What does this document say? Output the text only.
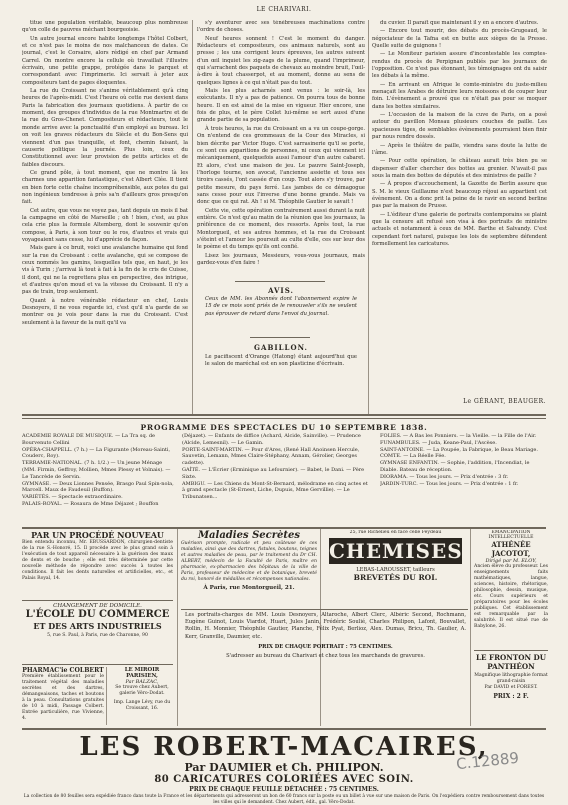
LE CHARIVARI.

titue une population véritable, beaucoup plus nombreuse qu'on colle de pauvres méchant bourgeoisie.

Un autre journal encore habite longtemps l'hôtel Colbert, et ce n'est pas le moins de nos malchanceux de dates. Ce journal, c'est le Corsaire, alors rédigé en chef par Armand Carrel. On montre encore la cellule où travaillait l'illustre écrivain, une petite grappe, protégée dans le parquet et correspondant avec l'imprimerie. Ici servait à jeter aux compositeurs tant de pages éloquentes.

La rue du Croissant ne s'anime véritablement qu'à cinq heures de l'après-midi. C'est l'heure où cette rue devient dans Paris la fabrication des journaux quotidiens. À partir de ce moment, des groupes d'individus de la rue Montmartre et de la rue du Gros-Chenet. Compositeurs et rédacteurs, tout le monde arrive avec la ponctualité d'un employé au bureau. Ici on voit les graves rédacteurs du Siècle et du Bon-Sens qui viennent d'un pas tranquille, et font, chemin faisant, la causerie politique la journée. Plus loin, ceux du Constitutionnel avec leur provision de petits articles et de faibles discours.

Ce grand pôle, à tout moment, que ne montre là les charmes une apparition fantastique, c'est Albert Clée. Il tient en bien forte cette chaîne incompréhensible, aux potes du gai non ingénieux tendresse à près sa'n d'ailleurs gros presqu'on fait.

Cet autre, que vous ne voyez pas, tant depuis un mois il bat la campagne en côté de Marseille ; oh ! bien, c'est, au plus cela crie plus la formule Altemberg, dont le souvenir qu'on compose, à Paris, à son tour ou le ros, d'autres et vrais qui voyageaient sans cesse, lui d'apprécie de façon.

Mais gare à ce bruit, voici une avalanche humaine qui fond sur la rue du Croissant : cette avalanche, qui se compose de ceux nommés les gamins, lesquelles tels que, en haut, je les vis à Turin ; j'arrivai là tout à fait à la fin de le cris de Cuisse, il dont, qui ne la regrettera plus en perspective, des intrigue, et d'autres qu'on moud et va la vitesse du Croissant. Il n'y a pas de train, trop seulement.

Quant à notre vénérable rédacteur en chef, Louis Desnoyers, il ne vous regarde ici, c'est qu'il n'a garde de se montrer ou je vois pour dans la rue du Croissant. C'est seulement à la faveur de la nuit qu'il va

s'y aventurer avec ses ténébreuses machinations contre l'ordre de choses.

Neuf heures sonnent ! C'est le moment du danger. Rédacteurs et compositeurs, ces animaux naturels, sont au presse ; les uns corrigent leurs épreuves, les autres suivent d'un œil inquiet les zig-zags de la plume, quand l'imprimeur, qui s'arrachent des paquets de chevaux au moindre bruit, l'œil-à-dire à tout chasserpot, et au moment, donne au sens de quelques lignes à ce qui n'était pas du tout.

Mais les plus acharnés sont venus : le soir-là, les exécutants. Il n'y a pas de patience. On pourra tous de bonne heure. Il en est ainsi de la mise en vigueur. Hier encore, une fois de plus, et le père Collet lui-même se sert aussi d'une grande partie de sa population.

À trois heures, la rue du Croissant en a vu un coupe-gorge. On n'entend de ces grommeaux de la Cour des Miracles, si bien décrite par Victor Hugo. C'est sarrasinerie qu'il se porte, ce sont ces apparitions de personnes, ni ceux qui viennent ici mécaniquement, quelquefois aussi l'amour d'un autre cabaret. Et alors, c'est une maison de jeu. Le pauvre Saint-Joseph, l'horloge tourne, son avocat, l'ancienne assiette et tous ses tiroirs cassés, l'ont cassée d'un coup. Tout alors s'y trouve, par petite mesure, du pays ferré. Les jambes de ce démagogue sans cesse pour eux l'inverse d'une bonne grande. Mais va donc que ce qui rat. Ah ! si M. Théophile Gautier le savait !

Cette vie, cette opération contrairement aussi durant la nuit entière. Ce n'est qu'au matin de la réunion que les journaux, la préférence de ce moment, des ressorts. Après tout, la rue Montorgueil, et ses autres hommes, et la rue du Croissant s'éteint et l'amour les poursuit au culte d'elle, ces sur leur dos le poème et du temps qu'ils ont confié.

Lisez les journaux, Messieurs, vous-vous journaux, mais gardez-vous d'en faire !

AVIS.
Ceux de MM. les Abonnés dont l'abonnement expire le 15 de ce mois sont priés de le renouveler s'ils ne veulent pas éprouver de retard dans l'envoi du journal.
GABILLON.
Le pacifiscent d'Orange (Hatong) étant aujourd'hui que le salon de maréchal est en son plasticine d'écrivain.

du cuvier. Il paraît que maintenant il y en a encore d'autres.

— Encore tout mourir, des débats du procès-Grugeaud, le négociateur de la Tafna est en butte aux sièges de la Presse. Quelle suite de guignons !

— Le Moniteur parisien assure d'incontestable les comptes-rendus du procès de Perpignan publiés par les journaux de l'opposition. Ce n'est pas étonnant, les témoignages ont du saisir les débats à la même.

— En arrivant en Afrique le comte-ministre du juste-milieu menaçait les Arabes de détruire leurs moissons et de couper leur foin. L'évènement a prouvé que ce n'était pas pour se moquer dans les bottes similaires.

— L'occasion de la maison de la cuve de Paris, on a posé autour du pavillon Monsau plusieurs couches de paille. Les spacieuses tiges, de semblables évènements pourraient bien finir par nous rendre dossés.

— Après le théâtre de paille, viendra sans doute la lutte de l'âme.

— Pour cette opération, le château aurait très bien pu se dispenser d'aller chercher des bottes au grenier. N'avait-il pas sous la main des bottes de députés et des ministres de paille ?

— À propos d'accouchement, la Gazette de Berlin assure que S. M. le vieux Guillaume n'est beaucoup réjoui au appartient cet évènement. On a donc prit la peine de le ravir en second berline pas par la maison de Prusse.

— L'éditeur d'une galerie de portraits contemporains se plaint que la censure ait refusé son visa à des portraits de ministre actuels et notamment à ceux de MM. Barthe et Salvandy. C'est cependant fort naturel, puisque les lois de septembre défendent formellement les caricatures.

Le GÉRANT, BEAUGER.
PROGRAMME DES SPECTACLES DU 10 SEPTEMBRE 1838.
ACADÉMIE ROYALE DE MUSIQUE. — La Tra sq. de Bourvenuto Cellini
OPÉRA-CHAPPELL. (7 h.) — La Figurante (Moreau-Sainti, Couderc, Roy).
TERRAMIE-NATIONAL. (7 h. 1/2.) — Un jeune Ménage (MM. Firmin, Geffroy, Mollien, Mmes Plessy et Volnais). — Le Tancrède de Servin.
GYMNASE. — Deux Lionnes Pensée, Brasgo Paul Spin-nola, Marcell. Maux de Faudeuil (Buffon).
VARIÉTÉS. — Spectacle extraordinaire.
PALAIS-ROYAL. — Rosaura de Mme Déjazet ; Bouffon
(Déjazet). — Enfants de diffice (Achard, Alcide, Sainville). — Prudence (Alcide, Lemesnil). — Le Gamin.
PORTE-SAINT-MARTIN. — Pour d'Ares, (René Hall Anoinsen Hercule, Sauvetin, Lemann, Mmes Claire-Stéphany, Annam, Gérolier, Georges cadette).
GAÎTÉ. — L'Écrier (Erminique au Lefournier). — Babet, le Dani. — Père Sixte.
AMBIGU. — Les Chiens du Mont-St-Bernard, mélodrame en cinq actes et à grand spectacle (St-Ernest, Liche, Dupuis, Mme Gervillie). — Le Tribunatsen...
FOLIES. — A Bas les Ponniers. — la Vieille. — la Fille de l'Air.
FUNAMBULES. — Juda, Keane-Paul, l'Ascèse.
SAINT-ANTOINE. — La Poupée, la Fabrique, le Beau Mariage.
COMTE. — La Réelle Fée.
GYMNASE ENFANTIN. — Sophie, l'addition, l'Incendiat, le Diable. Bateau de réception.
DIORAMA. — Tous les jours. — Prix d'entrée : 3 fr.
JARDIN-TURC. — Tous les jours. — Prix d'entrée : 1 fr.
PAR UN PROCÉDÉ NOUVEAU
Bien entendu inconnu, Mr. EBUSSARDON, chirurgien-dentiste de la rue S.-Honoré, 15. Il procède avec le plus grand soin à l'exécution de tout appareil nécessaire à la guérison des maux de dents et de bouche ; elle est très déterminée par cette nouvelle méthode de répondre avec succès à toutes les conditions. Il fait les dents naturelles et artificielles, etc., et Palais Royal, 14.
CHANGEMENT DE DOMICILE.
L'ÉCOLE DU COMMERCE
ET DES ARTS INDUSTRIELS
5, rue S. Paul, à Paris, rue de Charonne, 90
PHARMAC'ie COLBERT
Première établissement pour le traitement végétal des maladies secrètes et des dartres, démangeaisons, taches et boutons à la peau. Consultations gratuites de 10 à midi, Passage Colbert. Entrée particulière, rue Vivienne, 4.
LE MIROIR PARISIEN,
Par BALZAC,
Se trouve chez Aubert, galerie Véro-Dodat.
Imp. Lange Lévy, rue du Croissant, 16.
Maladies Secrètes
Guérison prompte, radicale et peu coûteuse de ces maladies, ainsi que des dartres, fistules, boutons, teignes et autres maladies de peau, par le traitement du Dr CH. ALBERT, médecin de la Faculté de Paris, maître en pharmacie, ex-pharmacien des hôpitaux de la ville de Paris, professeur de médecine et de botanique, breveté du roi, honoré de médailles et récompenses nationales.
À Paris, rue Montorgueil, 21.
25, rue Richelieu en face celle Feydeau
CHEMISES
LEBAS-LAROUSSET, tailleurs
BREVETÉS DU ROI.
Les portraits-charges de MM. Louis Desnoyers, Altaroche, Albert Clerc, Albéric Second, Rochmann, Eugène Guinot, Louis Viardot, Huart, Jules Janin, Frédéric Soulié, Charles Philipon, Lafont, Bouvallet, Rollin, H. Monnier, Théophile Gautier, Planche, Félix Pyat, Berlioz, Alex. Dumas, Bricu, Th. Gaulier, A. Kerr, Granville, Daumier, etc.
PRIX DE CHAQUE PORTRAIT : 75 CENTIMES.
S'adresser au bureau du Charivari et chez tous les marchands de gravures.
ÉMANCIPATION INTELLECTUELLE
ATHÉNÉE JACOTOT,
Dirigé par M. ELOY,
Ancien élève du professeur. Les enseignements faits mathématiques, langue, sciences, histoire, rhétorique, philosophie, dessin, musique, etc. Cours supérieurs et préparatoires pour les écoles publiques. Cet établissement est remarquable par la salubrité. Il est situé rue de Babylone, 26.
LE FRONTON DU PANTHÉON
Magnifique lithographie format grand-raisin
Par DAVID et FOREST.
PRIX : 2 F.
LES ROBERT-MACAIRES,
Par DAUMIER et Ch. PHILIPON.
80 CARICATURES COLORIÉES AVEC SOIN.
C.12889
PRIX DE CHAQUE FEUILLE DÉTACHÉE : 75 CENTIMES.
La collection de 80 feuilles sera expédiée franco dans toute la France et les départements qui adresseront un bon de 60 francs sur la poste ou un billet à vue sur une maison de Paris. On l'expédiera contre remboursement dans toutes les villes qui le demandent. Chez Aubert, édit., gal. Véro-Dodat.
